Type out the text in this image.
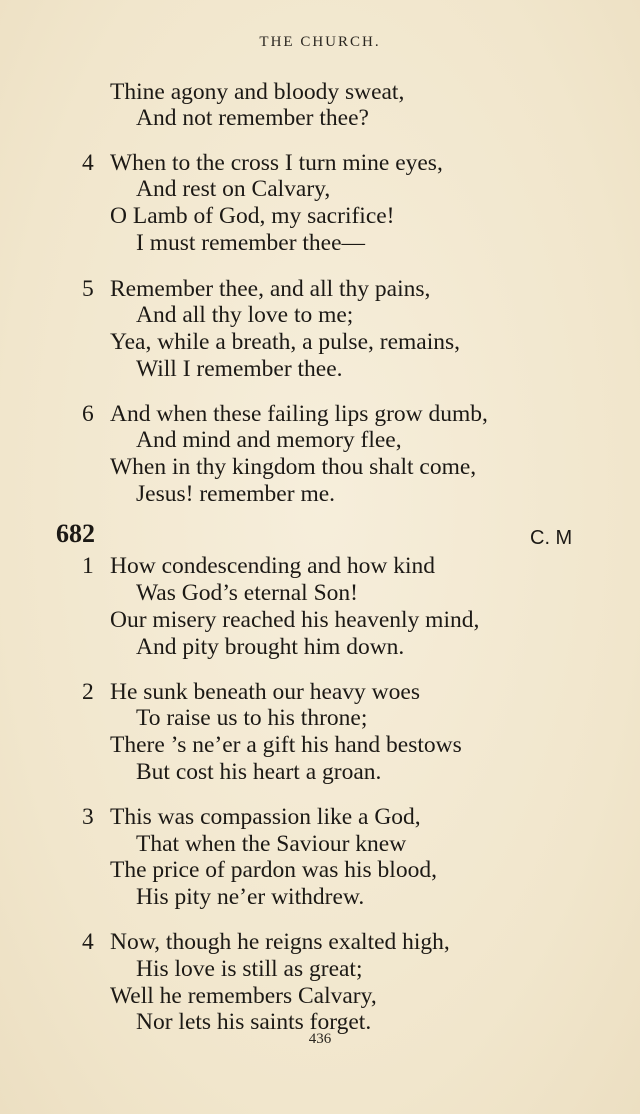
THE CHURCH.
Thine agony and bloody sweat,
And not remember thee?
4 When to the cross I turn mine eyes,
And rest on Calvary,
O Lamb of God, my sacrifice!
I must remember thee—
5 Remember thee, and all thy pains,
And all thy love to me;
Yea, while a breath, a pulse, remains,
Will I remember thee.
6 And when these failing lips grow dumb,
And mind and memory flee,
When in thy kingdom thou shalt come,
Jesus! remember me.
682	C. M
1 How condescending and how kind
Was God’s eternal Son!
Our misery reached his heavenly mind,
And pity brought him down.
2 He sunk beneath our heavy woes
To raise us to his throne;
There ’s ne’er a gift his hand bestows
But cost his heart a groan.
3 This was compassion like a God,
That when the Saviour knew
The price of pardon was his blood,
His pity ne’er withdrew.
4 Now, though he reigns exalted high,
His love is still as great;
Well he remembers Calvary,
Nor lets his saints forget.
436
